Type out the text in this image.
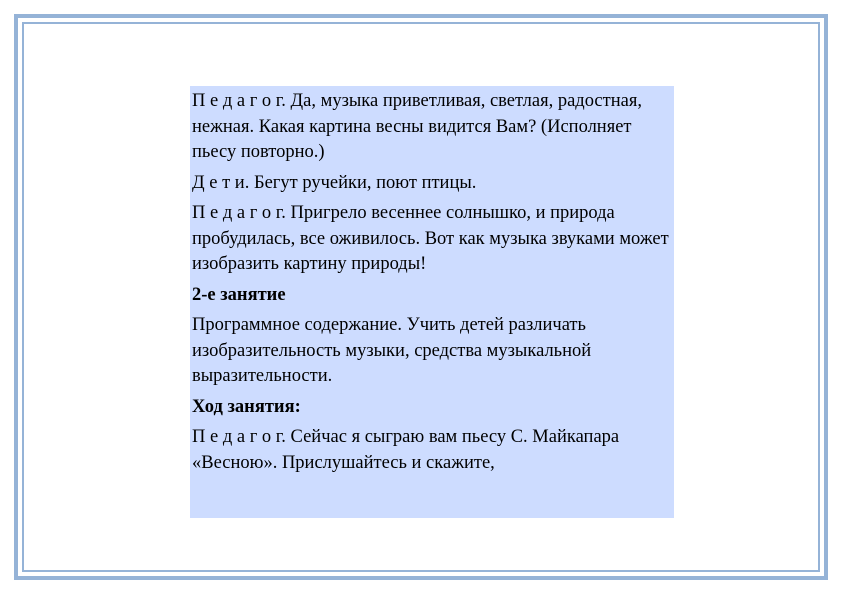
П е д а г о г. Да, музыка приветливая, светлая, радостная, нежная. Какая картина весны видится Вам? (Исполняет пьесу повторно.)

Д е т и. Бегут ручейки, поют птицы.

П е д а г о г. Пригрело весеннее солнышко, и природа пробудилась, все оживилось. Вот как музыка звуками может изобразить картину природы!

2-е занятие

Программное содержание. Учить детей различать изобразительность музыки, средства музыкальной выразительности.

Ход занятия:

П е д а г о г. Сейчас я сыграю вам пьесу С. Майкапара «Весною». Прислушайтесь и скажите,
